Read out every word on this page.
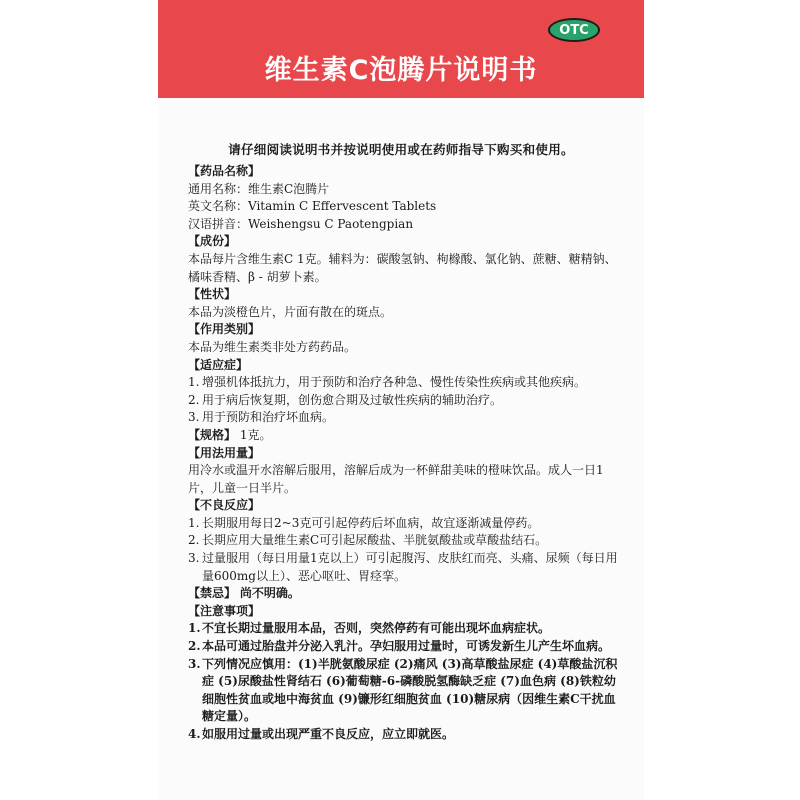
OTC
维生素C泡腾片说明书
请仔细阅读说明书并按说明使用或在药师指导下购买和使用。
【药品名称】
通用名称：维生素C泡腾片
英文名称：Vitamin C Effervescent Tablets
汉语拼音：Weishengsu C Paotengpian
【成份】
本品每片含维生素C 1克。辅料为：碳酸氢钠、枸橼酸、氯化钠、蔗糖、糖精钠、橘味香精、β - 胡萝卜素。
【性状】
本品为淡橙色片，片面有散在的斑点。
【作用类别】
本品为维生素类非处方药药品。
【适应症】
1. 增强机体抵抗力，用于预防和治疗各种急、慢性传染性疾病或其他疾病。
2. 用于病后恢复期，创伤愈合期及过敏性疾病的辅助治疗。
3. 用于预防和治疗坏血病。
【规格】 1克。
【用法用量】
用冷水或温开水溶解后服用，溶解后成为一杯鲜甜美味的橙味饮品。成人一日1片，儿童一日半片。
【不良反应】
1. 长期服用每日2~3克可引起停药后坏血病，故宜逐渐减量停药。
2. 长期应用大量维生素C可引起尿酸盐、半胱氨酸盐或草酸盐结石。
3. 过量服用（每日用量1克以上）可引起腹泻、皮肤红而亮、头痛、尿频（每日用量600mg以上）、恶心呕吐、胃痉挛。
【禁忌】 尚不明确。
【注意事项】
1. 不宜长期过量服用本品，否则，突然停药有可能出现坏血病症状。
2. 本品可通过胎盘并分泌入乳汁。孕妇服用过量时，可诱发新生儿产生坏血病。
3. 下列情况应慎用：(1)半胱氨酸尿症 (2)痛风 (3)高草酸盐尿症 (4)草酸盐沉积症 (5)尿酸盐性肾结石 (6)葡萄糖-6-磷酸脱氢酶缺乏症 (7)血色病 (8)铁粒幼细胞性贫血或地中海贫血 (9)镰形红细胞贫血 (10)糖尿病（因维生素C干扰血糖定量）。
4. 如服用过量或出现严重不良反应，应立即就医。
